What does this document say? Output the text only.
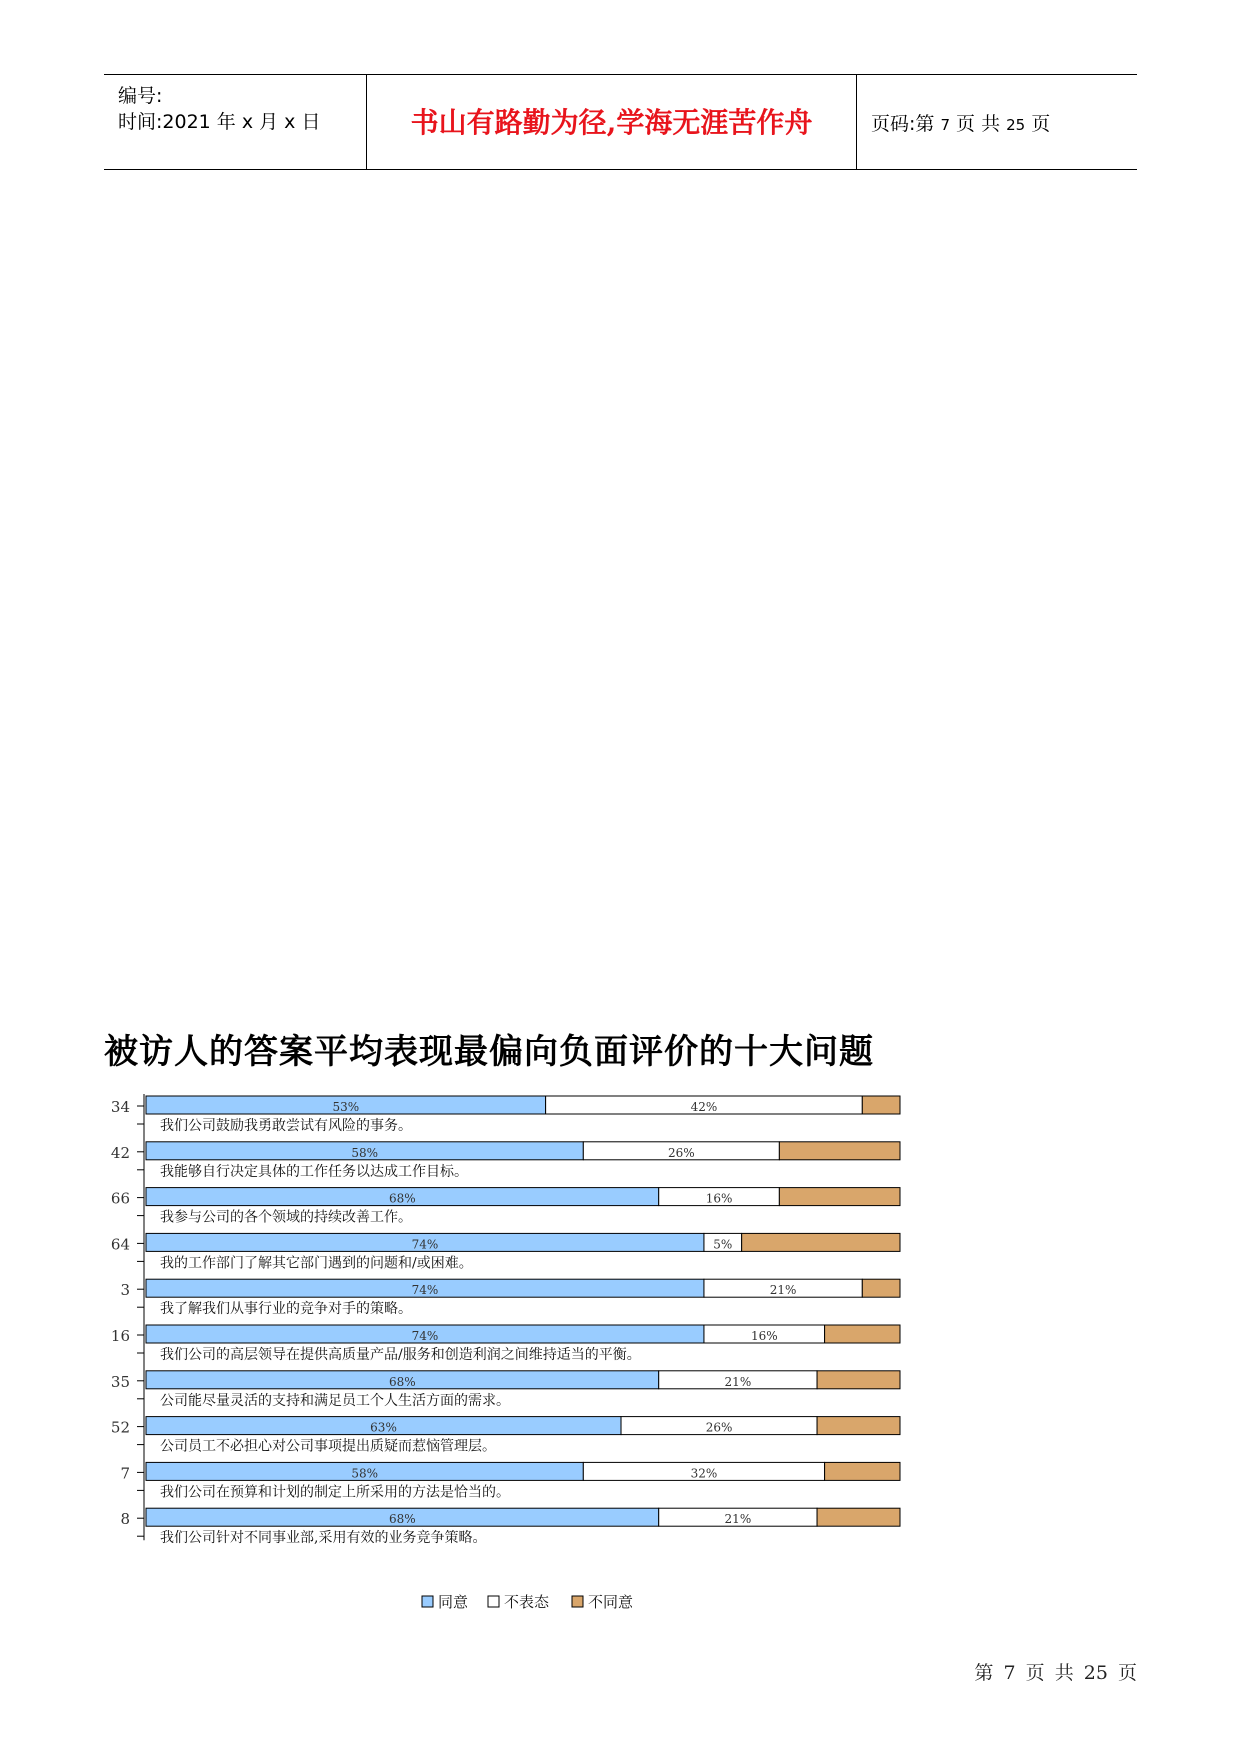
编号:
时间:2021 年 x 月 x 日	书山有路勤为径,学海无涯苦作舟	页码:第 7 页 共 25 页
被访人的答案平均表现最偏向负面评价的十大问题
34	53%	42%
我们公司鼓励我勇敢尝试有风险的事务。
42	58%	26%
我能够自行决定具体的工作任务以达成工作目标。
66	68%	16%
我参与公司的各个领域的持续改善工作。
64	74%	5%
我的工作部门了解其它部门遇到的问题和/或困难。
3	74%	21%
我了解我们从事行业的竞争对手的策略。
16	74%	16%
我们公司的高层领导在提供高质量产品/服务和创造利润之间维持适当的平衡。
35	68%	21%
公司能尽量灵活的支持和满足员工个人生活方面的需求。
52	63%	26%
公司员工不必担心对公司事项提出质疑而惹恼管理层。
7	58%	32%
我们公司在预算和计划的制定上所采用的方法是恰当的。
8	68%	21%
我们公司针对不同事业部,采用有效的业务竞争策略。
同意 不表态	不同意
第 7 页 共 25 页
